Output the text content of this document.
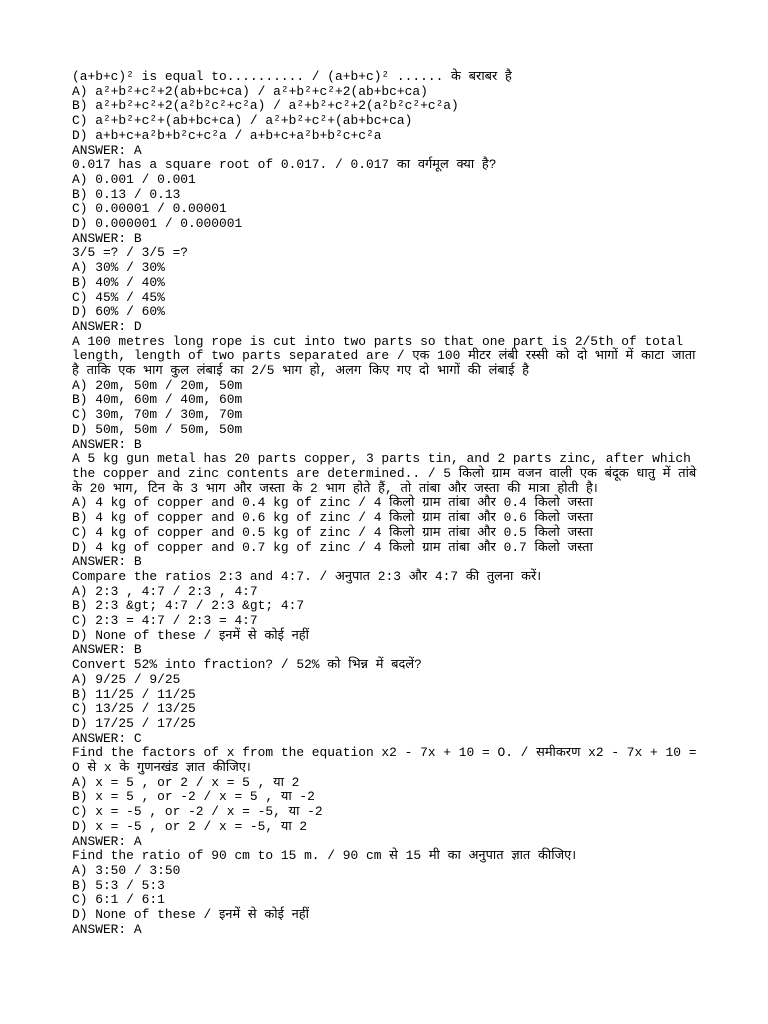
(a+b+c)² is equal to.......... / (a+b+c)² ...... के बराबर है

A) a²+b²+c²+2(ab+bc+ca) / a²+b²+c²+2(ab+bc+ca)

B) a²+b²+c²+2(a²b²c²+c²a) / a²+b²+c²+2(a²b²c²+c²a)

C) a²+b²+c²+(ab+bc+ca) / a²+b²+c²+(ab+bc+ca)

D) a+b+c+a²b+b²c+c²a / a+b+c+a²b+b²c+c²a

ANSWER: A

0.017 has a square root of 0.017. / 0.017 का वर्गमूल क्या है?

A) 0.001 / 0.001

B) 0.13 / 0.13

C) 0.00001 / 0.00001

D) 0.000001 / 0.000001

ANSWER: B

3/5 =? / 3/5 =?

A) 30% / 30%

B) 40% / 40%

C) 45% / 45%

D) 60% / 60%

ANSWER: D

A 100 metres long rope is cut into two parts so that one part is 2/5th of total length, length of two parts separated are / एक 100 मीटर लंबी रस्सी को दो भागों में काटा जाता है ताकि एक भाग कुल लंबाई का 2/5 भाग हो, अलग किए गए दो भागों की लंबाई है

A) 20m, 50m / 20m, 50m

B) 40m, 60m / 40m, 60m

C) 30m, 70m / 30m, 70m

D) 50m, 50m / 50m, 50m

ANSWER: B

A 5 kg gun metal has 20 parts copper, 3 parts tin, and 2 parts zinc, after which the copper and zinc contents are determined.. / 5 किलो ग्राम वजन वाली एक बंदूक धातु में तांबे के 20 भाग, टिन के 3 भाग और जस्ता के 2 भाग होते हैं, तो तांबा और जस्ता की मात्रा होती है।

A) 4 kg of copper and 0.4 kg of zinc / 4 किलो ग्राम तांबा और 0.4 किलो जस्ता

B) 4 kg of copper and 0.6 kg of zinc / 4 किलो ग्राम तांबा और 0.6 किलो जस्ता

C) 4 kg of copper and 0.5 kg of zinc / 4 किलो ग्राम तांबा और 0.5 किलो जस्ता

D) 4 kg of copper and 0.7 kg of zinc / 4 किलो ग्राम तांबा और 0.7 किलो जस्ता

ANSWER: B

Compare the ratios 2:3 and 4:7. / अनुपात 2:3 और 4:7 की तुलना करें।

A) 2:3 , 4:7 / 2:3 , 4:7

B) 2:3 &gt; 4:7 / 2:3 &gt; 4:7

C) 2:3 = 4:7 / 2:3 = 4:7

D) None of these / इनमें से कोई नहीं

ANSWER: B

Convert 52% into fraction? / 52% को भिन्न में बदलें?

A) 9/25 / 9/25

B) 11/25 / 11/25

C) 13/25 / 13/25

D) 17/25 / 17/25

ANSWER: C

Find the factors of x from the equation x2 - 7x + 10 = O. / समीकरण x2 - 7x + 10 = O से x के गुणनखंड ज्ञात कीजिए।

A) x = 5 , or 2 / x = 5 , या 2

B) x = 5 , or -2 / x = 5 , या -2

C) x = -5 , or -2 / x = -5, या -2

D) x = -5 , or 2 / x = -5, या 2

ANSWER: A

Find the ratio of 90 cm to 15 m. / 90 cm से 15 मी का अनुपात ज्ञात कीजिए।

A) 3:50 / 3:50

B) 5:3 / 5:3

C) 6:1 / 6:1

D) None of these / इनमें से कोई नहीं

ANSWER: A
